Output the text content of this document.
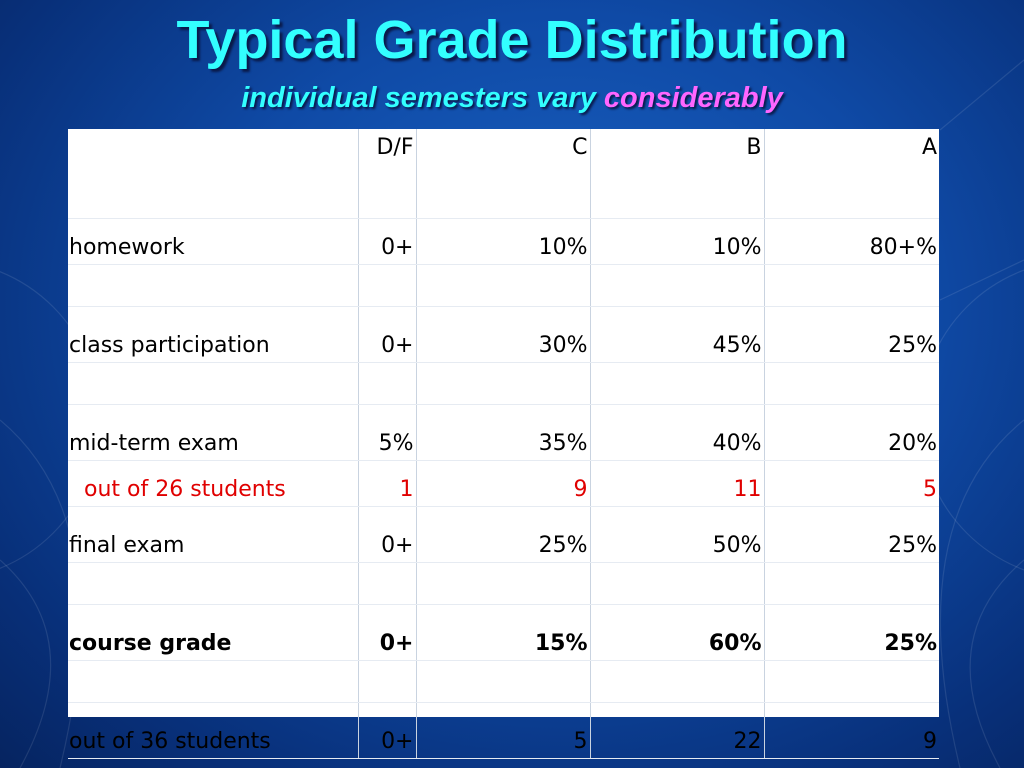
Typical Grade Distribution
individual semesters vary considerably
	D/F	C	B	A
homework	0+	10%	10%	80+%

class participation	0+	30%	45%	25%

mid-term exam	5%	35%	40%	20%
out of 26 students	1	9	11	5
final exam	0+	25%	50%	25%

course grade	0+	15%	60%	25%

out of 36 students	0+	5	22	9
